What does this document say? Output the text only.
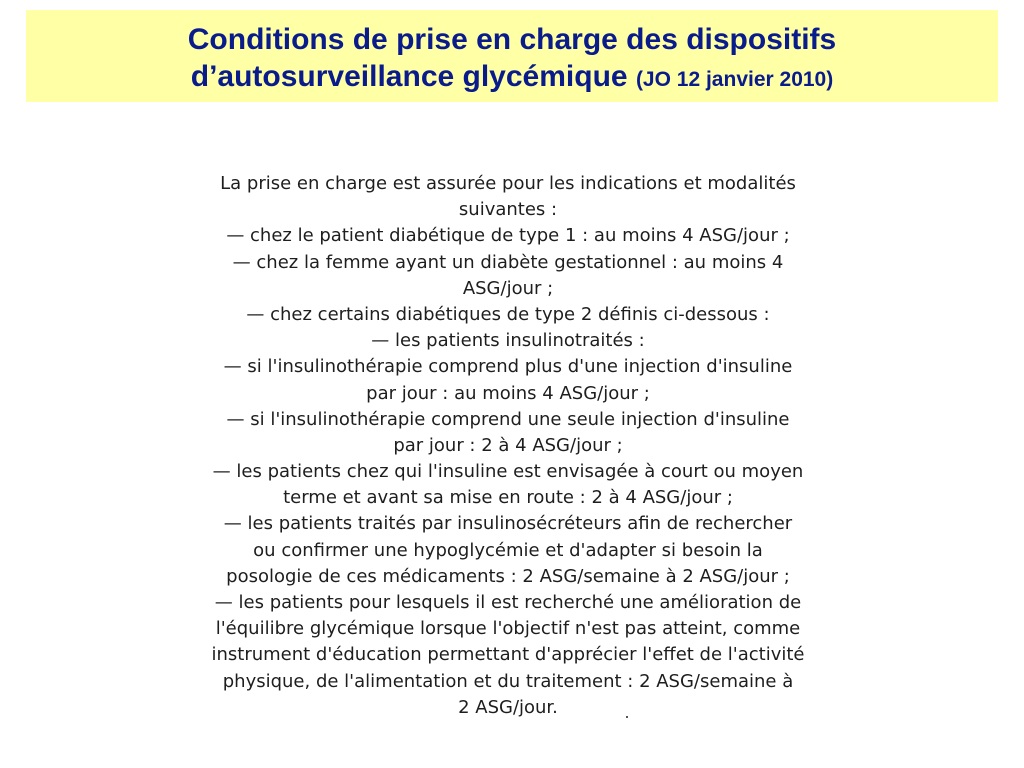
Conditions de prise en charge des dispositifs
d’autosurveillance glycémique (JO 12 janvier 2010)
La prise en charge est assurée pour les indications et modalités
suivantes :
— chez le patient diabétique de type 1 : au moins 4 ASG/jour ;
— chez la femme ayant un diabète gestationnel : au moins 4
ASG/jour ;
— chez certains diabétiques de type 2 définis ci-dessous :
— les patients insulinotraités :
— si l'insulinothérapie comprend plus d'une injection d'insuline
par jour : au moins 4 ASG/jour ;
— si l'insulinothérapie comprend une seule injection d'insuline
par jour : 2 à 4 ASG/jour ;
— les patients chez qui l'insuline est envisagée à court ou moyen
terme et avant sa mise en route : 2 à 4 ASG/jour ;
— les patients traités par insulinosécréteurs afin de rechercher
ou confirmer une hypoglycémie et d'adapter si besoin la
posologie de ces médicaments : 2 ASG/semaine à 2 ASG/jour ;
— les patients pour lesquels il est recherché une amélioration de
l'équilibre glycémique lorsque l'objectif n'est pas atteint, comme
instrument d'éducation permettant d'apprécier l'effet de l'activité
physique, de l'alimentation et du traitement : 2 ASG/semaine à
2 ASG/jour.
